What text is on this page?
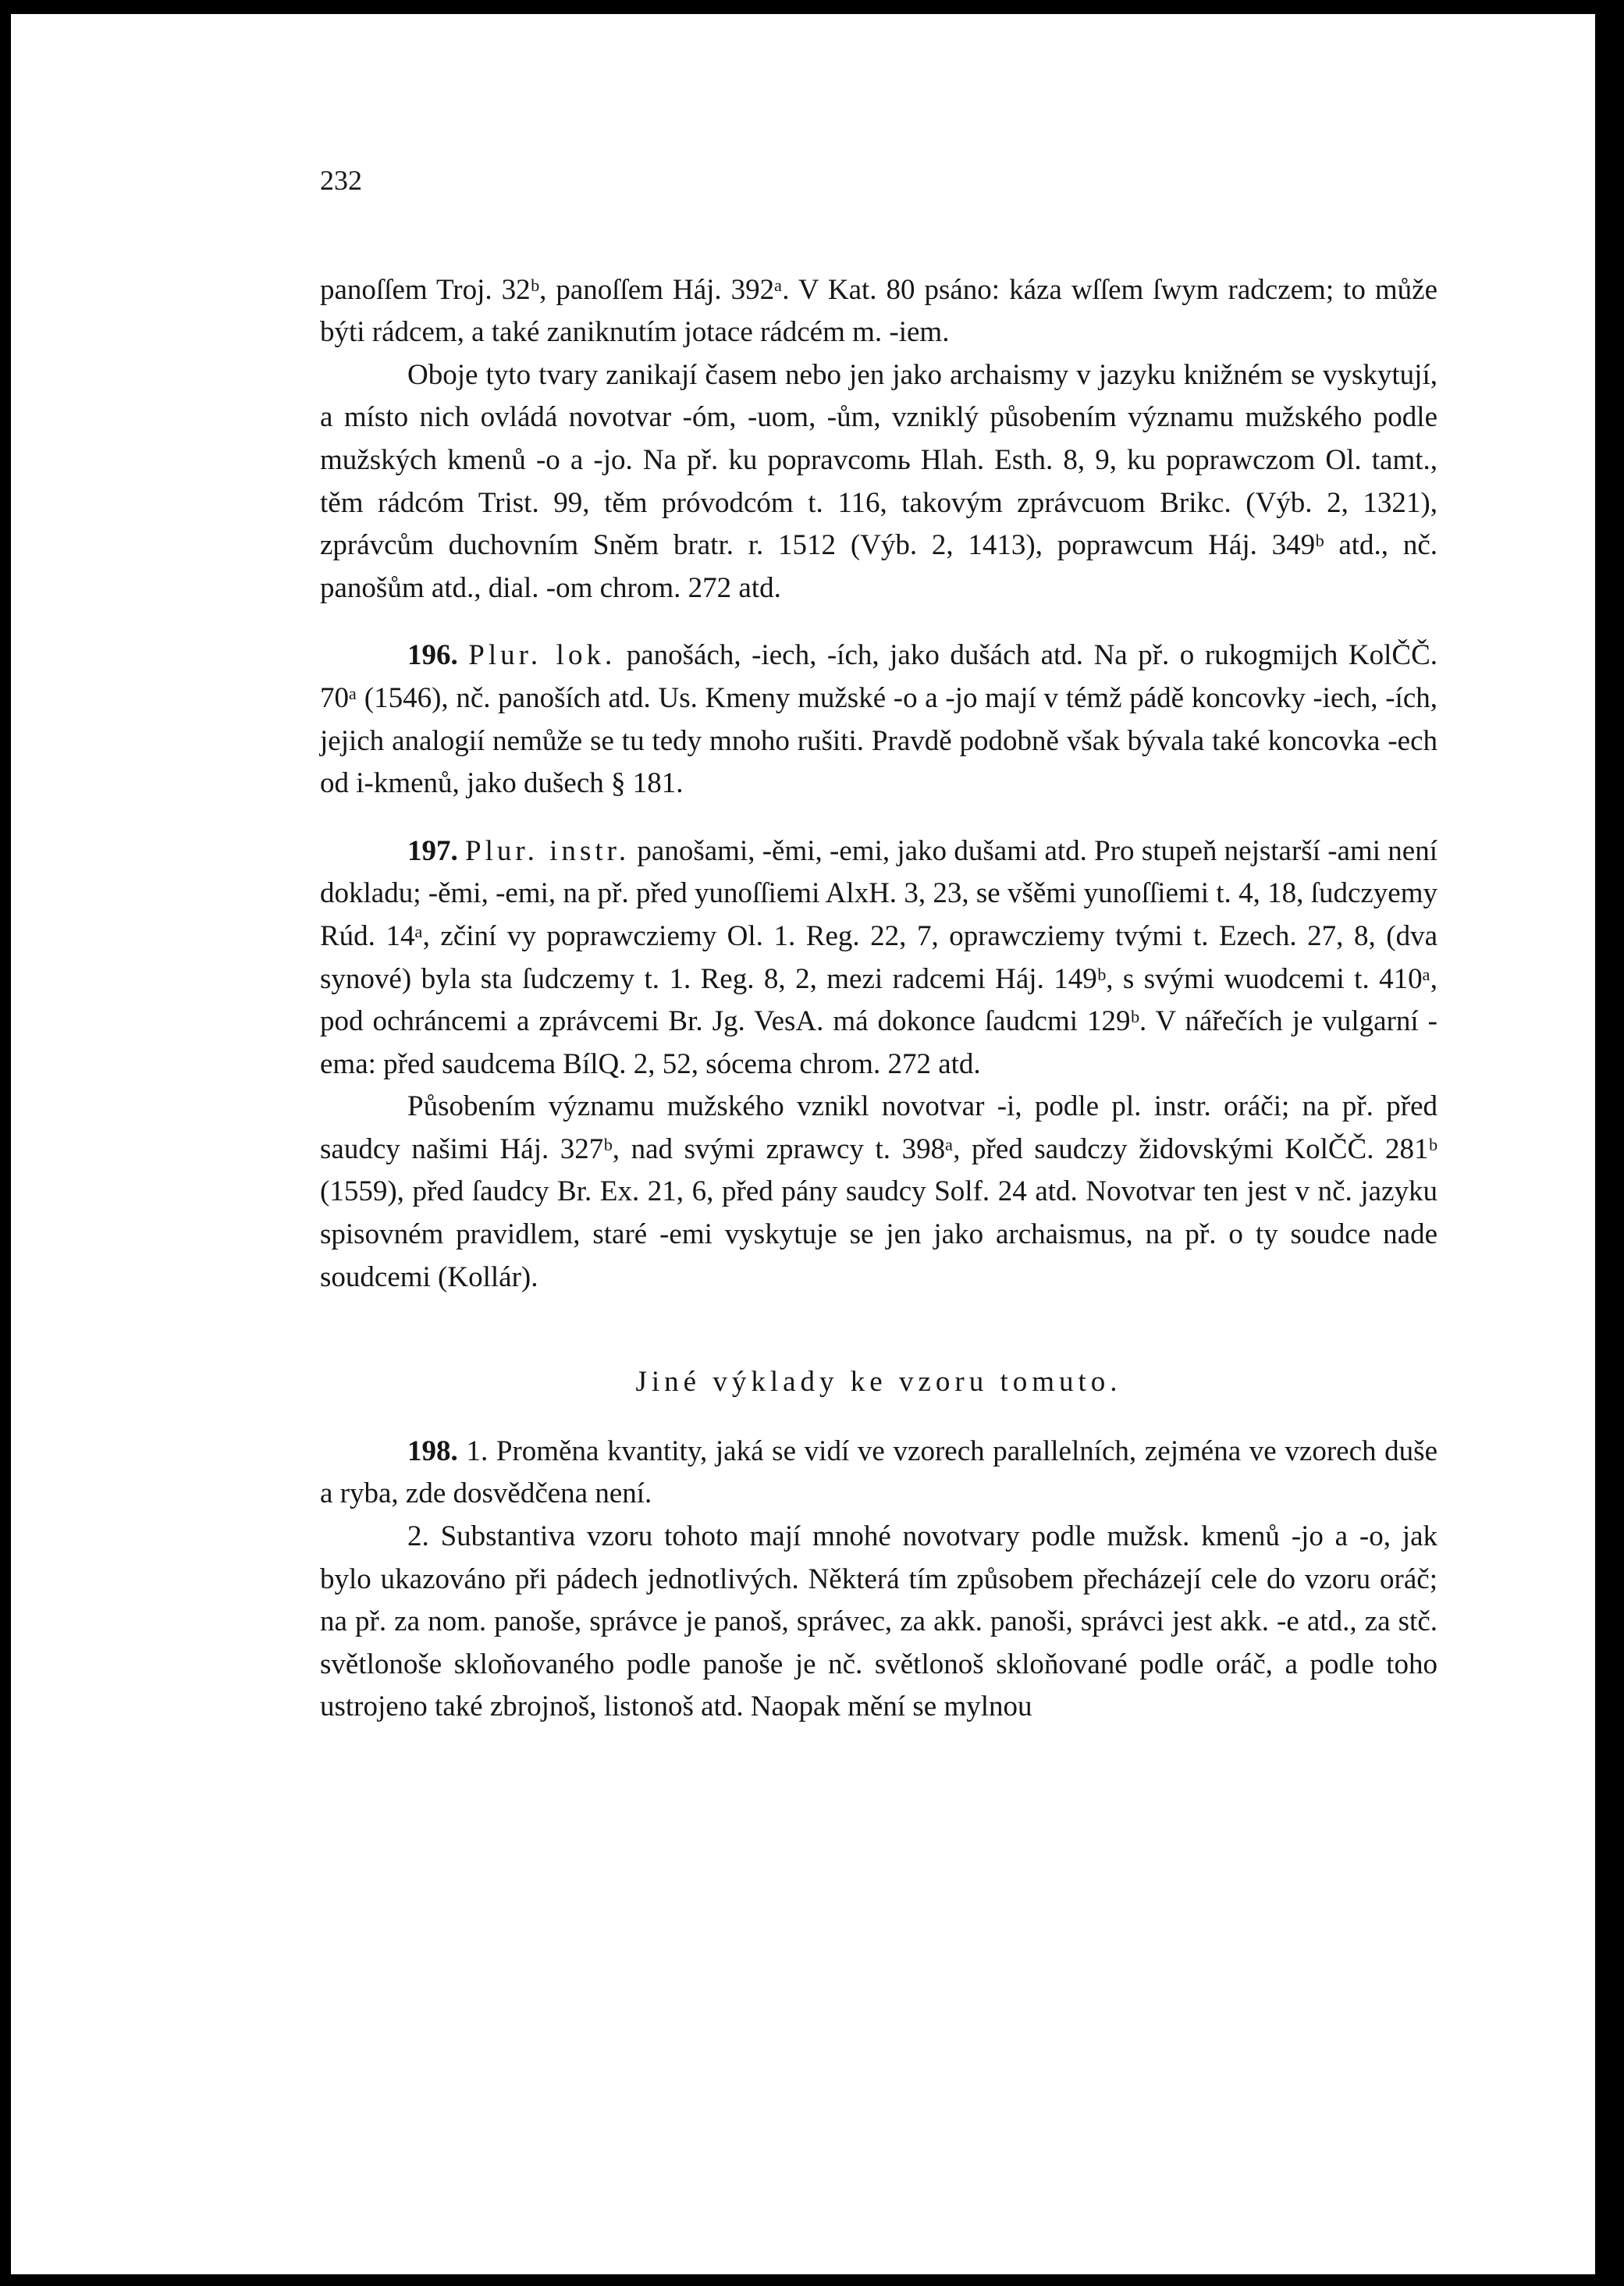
232

panoſſem Troj. 32ᵇ, panoſſem Háj. 392ᵃ. V Kat. 80 psáno: káza wſſem ſwym radczem; to může býti rádcem, a také zaniknutím jotace rádcém m. -iem.

Oboje tyto tvary zanikají časem nebo jen jako archaismy v jazyku knižném se vyskytují, a místo nich ovládá novotvar -óm, -uom, -ům, vzniklý působením významu mužského podle mužských kmenů -o a -jo. Na př. ku popravcomь Hlah. Esth. 8, 9, ku poprawczom Ol. tamt., těm rádcóm Trist. 99, těm próvodcóm t. 116, takovým zprávcuom Brikc. (Výb. 2, 1321), zprávcům duchovním Sněm bratr. r. 1512 (Výb. 2, 1413), poprawcum Háj. 349ᵇ atd., nč. panošům atd., dial. -om chrom. 272 atd.

196. Plur. lok. panošách, -iech, -ích, jako dušách atd. Na př. o rukogmijch KolČČ. 70ᵃ (1546), nč. panoších atd. Us. Kmeny mužské -o a -jo mají v témž pádě koncovky -iech, -ích, jejich analogií nemůže se tu tedy mnoho rušiti. Pravdě podobně však bývala také koncovka -ech od i-kmenů, jako dušech § 181.

197. Plur. instr. panošami, -ěmi, -emi, jako dušami atd. Pro stupeň nejstarší -ami není dokladu; -ěmi, -emi, na př. před yunoſſiemi AlxH. 3, 23, se všěmi yunoſſiemi t. 4, 18, ſudczyemy Rúd. 14ᵃ, zčiní vy poprawcziemy Ol. 1. Reg. 22, 7, oprawcziemy tvými t. Ezech. 27, 8, (dva synové) byla sta ſudczemy t. 1. Reg. 8, 2, mezi radcemi Háj. 149ᵇ, s svými wuodcemi t. 410ᵃ, pod ochráncemi a zprávcemi Br. Jg. VesA. má dokonce ſaudcmi 129ᵇ. V nářečích je vulgarní -ema: před saudcema BílQ. 2, 52, sócema chrom. 272 atd.

Působením významu mužského vznikl novotvar -i, podle pl. instr. oráči; na př. před saudcy našimi Háj. 327ᵇ, nad svými zprawcy t. 398ᵃ, před saudczy židovskými KolČČ. 281ᵇ (1559), před ſaudcy Br. Ex. 21, 6, před pány saudcy Solf. 24 atd. Novotvar ten jest v nč. jazyku spisovném pravidlem, staré -emi vyskytuje se jen jako archaismus, na př. o ty soudce nade soudcemi (Kollár).

Jiné výklady ke vzoru tomuto.

198. 1. Proměna kvantity, jaká se vidí ve vzorech parallelních, zejména ve vzorech duše a ryba, zde dosvědčena není.

2. Substantiva vzoru tohoto mají mnohé novotvary podle mužsk. kmenů -jo a -o, jak bylo ukazováno při pádech jednotlivých. Některá tím způsobem přecházejí cele do vzoru oráč; na př. za nom. panoše, správce je panoš, správec, za akk. panoši, správci jest akk. -e atd., za stč. světlonoše skloňovaného podle panoše je nč. světlonoš skloňované podle oráč, a podle toho ustrojeno také zbrojnoš, listonoš atd. Naopak mění se mylnou
